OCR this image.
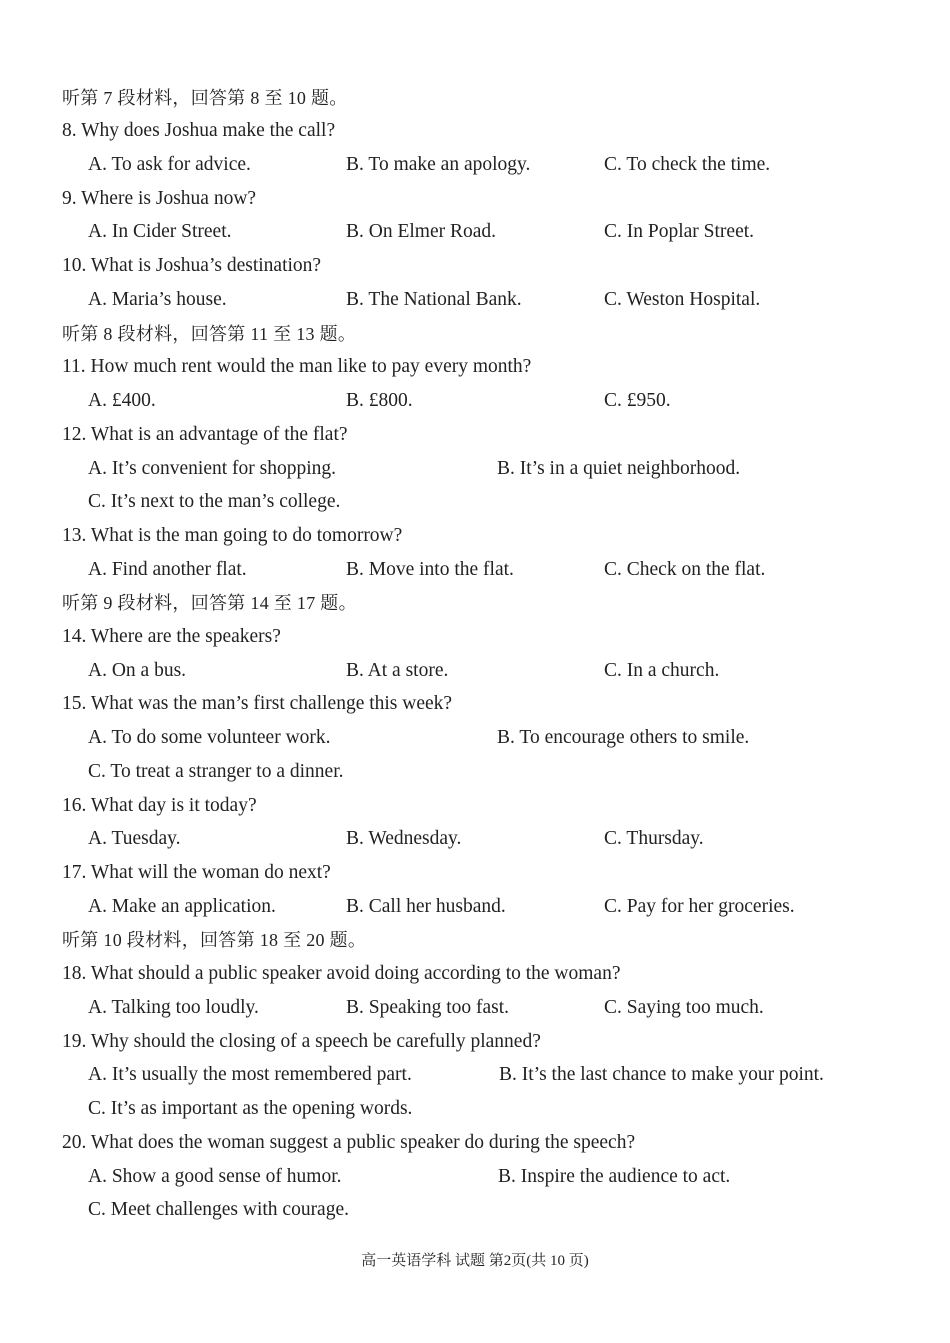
听第 7 段材料，回答第 8 至 10 题。
8. Why does Joshua make the call?
A. To ask for advice.	B. To make an apology.	C. To check the time.
9. Where is Joshua now?
A. In Cider Street.	B. On Elmer Road.	C. In Poplar Street.
10. What is Joshua’s destination?
A. Maria’s house.	B. The National Bank.	C. Weston Hospital.
听第 8 段材料，回答第 11 至 13 题。
11. How much rent would the man like to pay every month?
A. £400.	B. £800.	C. £950.
12. What is an advantage of the flat?
A. It’s convenient for shopping.	B. It’s in a quiet neighborhood.
C. It’s next to the man’s college.
13. What is the man going to do tomorrow?
A. Find another flat.	B. Move into the flat.	C. Check on the flat.
听第 9 段材料，回答第 14 至 17 题。
14. Where are the speakers?
A. On a bus.	B. At a store.	C. In a church.
15. What was the man’s first challenge this week?
A. To do some volunteer work.	B. To encourage others to smile.
C. To treat a stranger to a dinner.
16. What day is it today?
A. Tuesday.	B. Wednesday.	C. Thursday.
17. What will the woman do next?
A. Make an application.	B. Call her husband.	C. Pay for her groceries.
听第 10 段材料，回答第 18 至 20 题。
18. What should a public speaker avoid doing according to the woman?
A. Talking too loudly.	B. Speaking too fast.	C. Saying too much.
19. Why should the closing of a speech be carefully planned?
A. It’s usually the most remembered part.	B. It’s the last chance to make your point.
C. It’s as important as the opening words.
20. What does the woman suggest a public speaker do during the speech?
A. Show a good sense of humor.	B. Inspire the audience to act.
C. Meet challenges with courage.
高一英语学科 试题 第2页(共 10 页)
